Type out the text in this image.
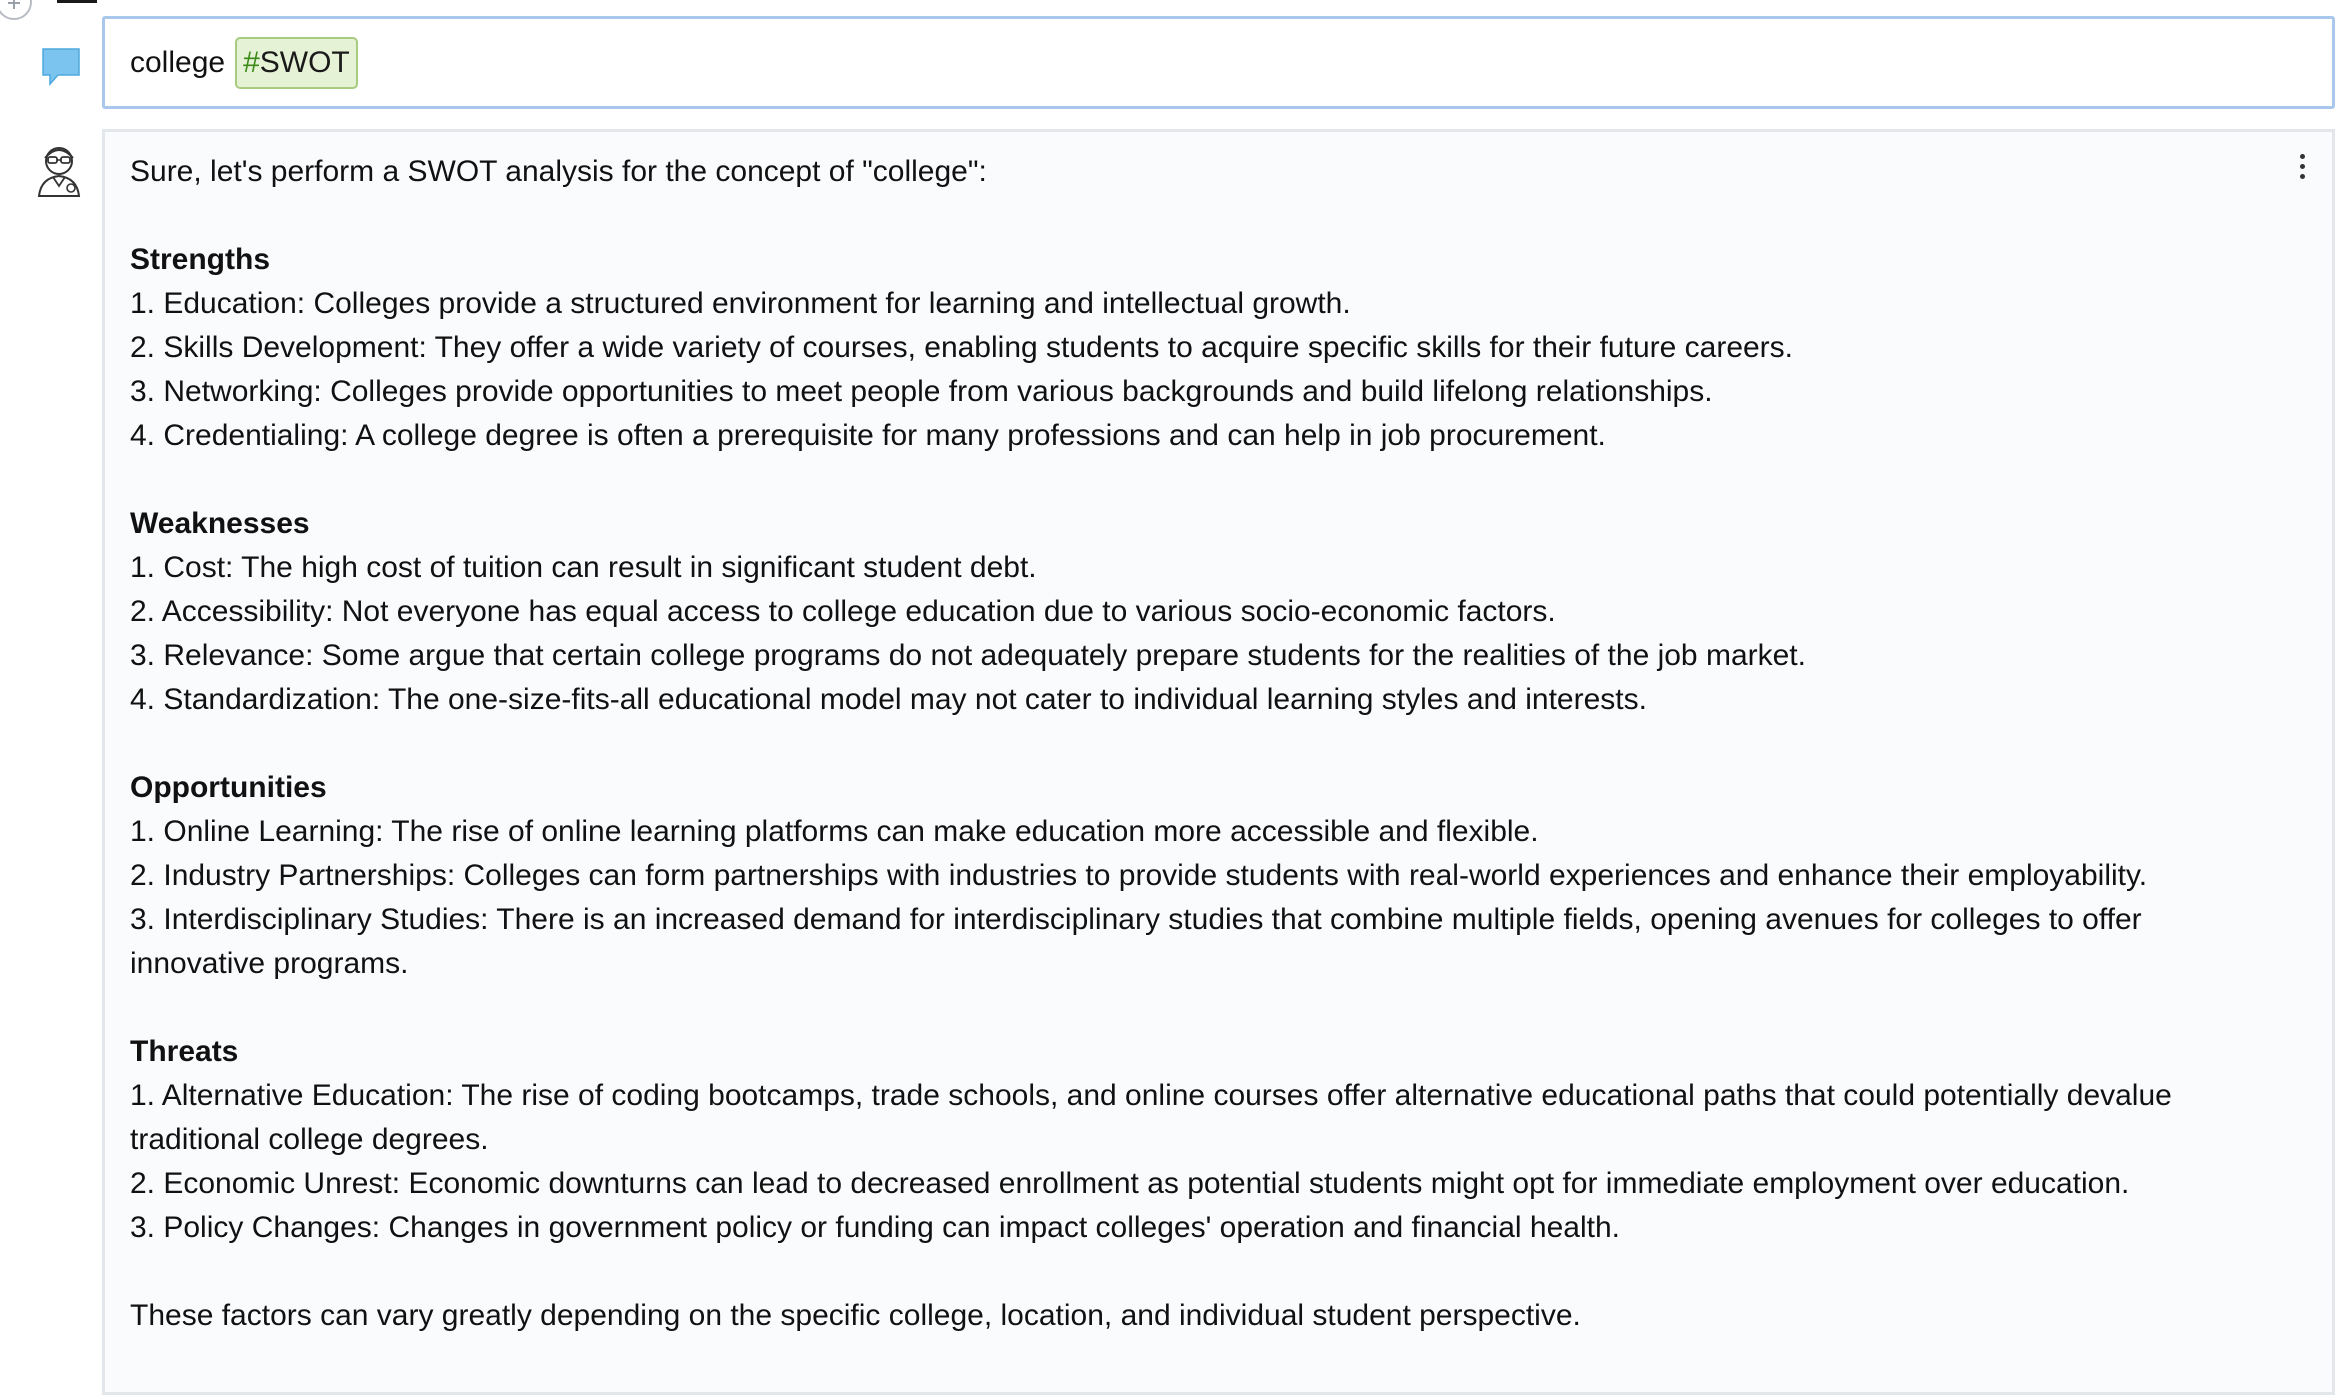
college #SWOT

Sure, let's perform a SWOT analysis for the concept of "college":

Strengths

1. Education: Colleges provide a structured environment for learning and intellectual growth.

2. Skills Development: They offer a wide variety of courses, enabling students to acquire specific skills for their future careers.

3. Networking: Colleges provide opportunities to meet people from various backgrounds and build lifelong relationships.

4. Credentialing: A college degree is often a prerequisite for many professions and can help in job procurement.

Weaknesses

1. Cost: The high cost of tuition can result in significant student debt.

2. Accessibility: Not everyone has equal access to college education due to various socio-economic factors.

3. Relevance: Some argue that certain college programs do not adequately prepare students for the realities of the job market.

4. Standardization: The one-size-fits-all educational model may not cater to individual learning styles and interests.

Opportunities

1. Online Learning: The rise of online learning platforms can make education more accessible and flexible.

2. Industry Partnerships: Colleges can form partnerships with industries to provide students with real-world experiences and enhance their employability.

3. Interdisciplinary Studies: There is an increased demand for interdisciplinary studies that combine multiple fields, opening avenues for colleges to offer innovative programs.

Threats

1. Alternative Education: The rise of coding bootcamps, trade schools, and online courses offer alternative educational paths that could potentially devalue traditional college degrees.

2. Economic Unrest: Economic downturns can lead to decreased enrollment as potential students might opt for immediate employment over education.

3. Policy Changes: Changes in government policy or funding can impact colleges' operation and financial health.

These factors can vary greatly depending on the specific college, location, and individual student perspective.
